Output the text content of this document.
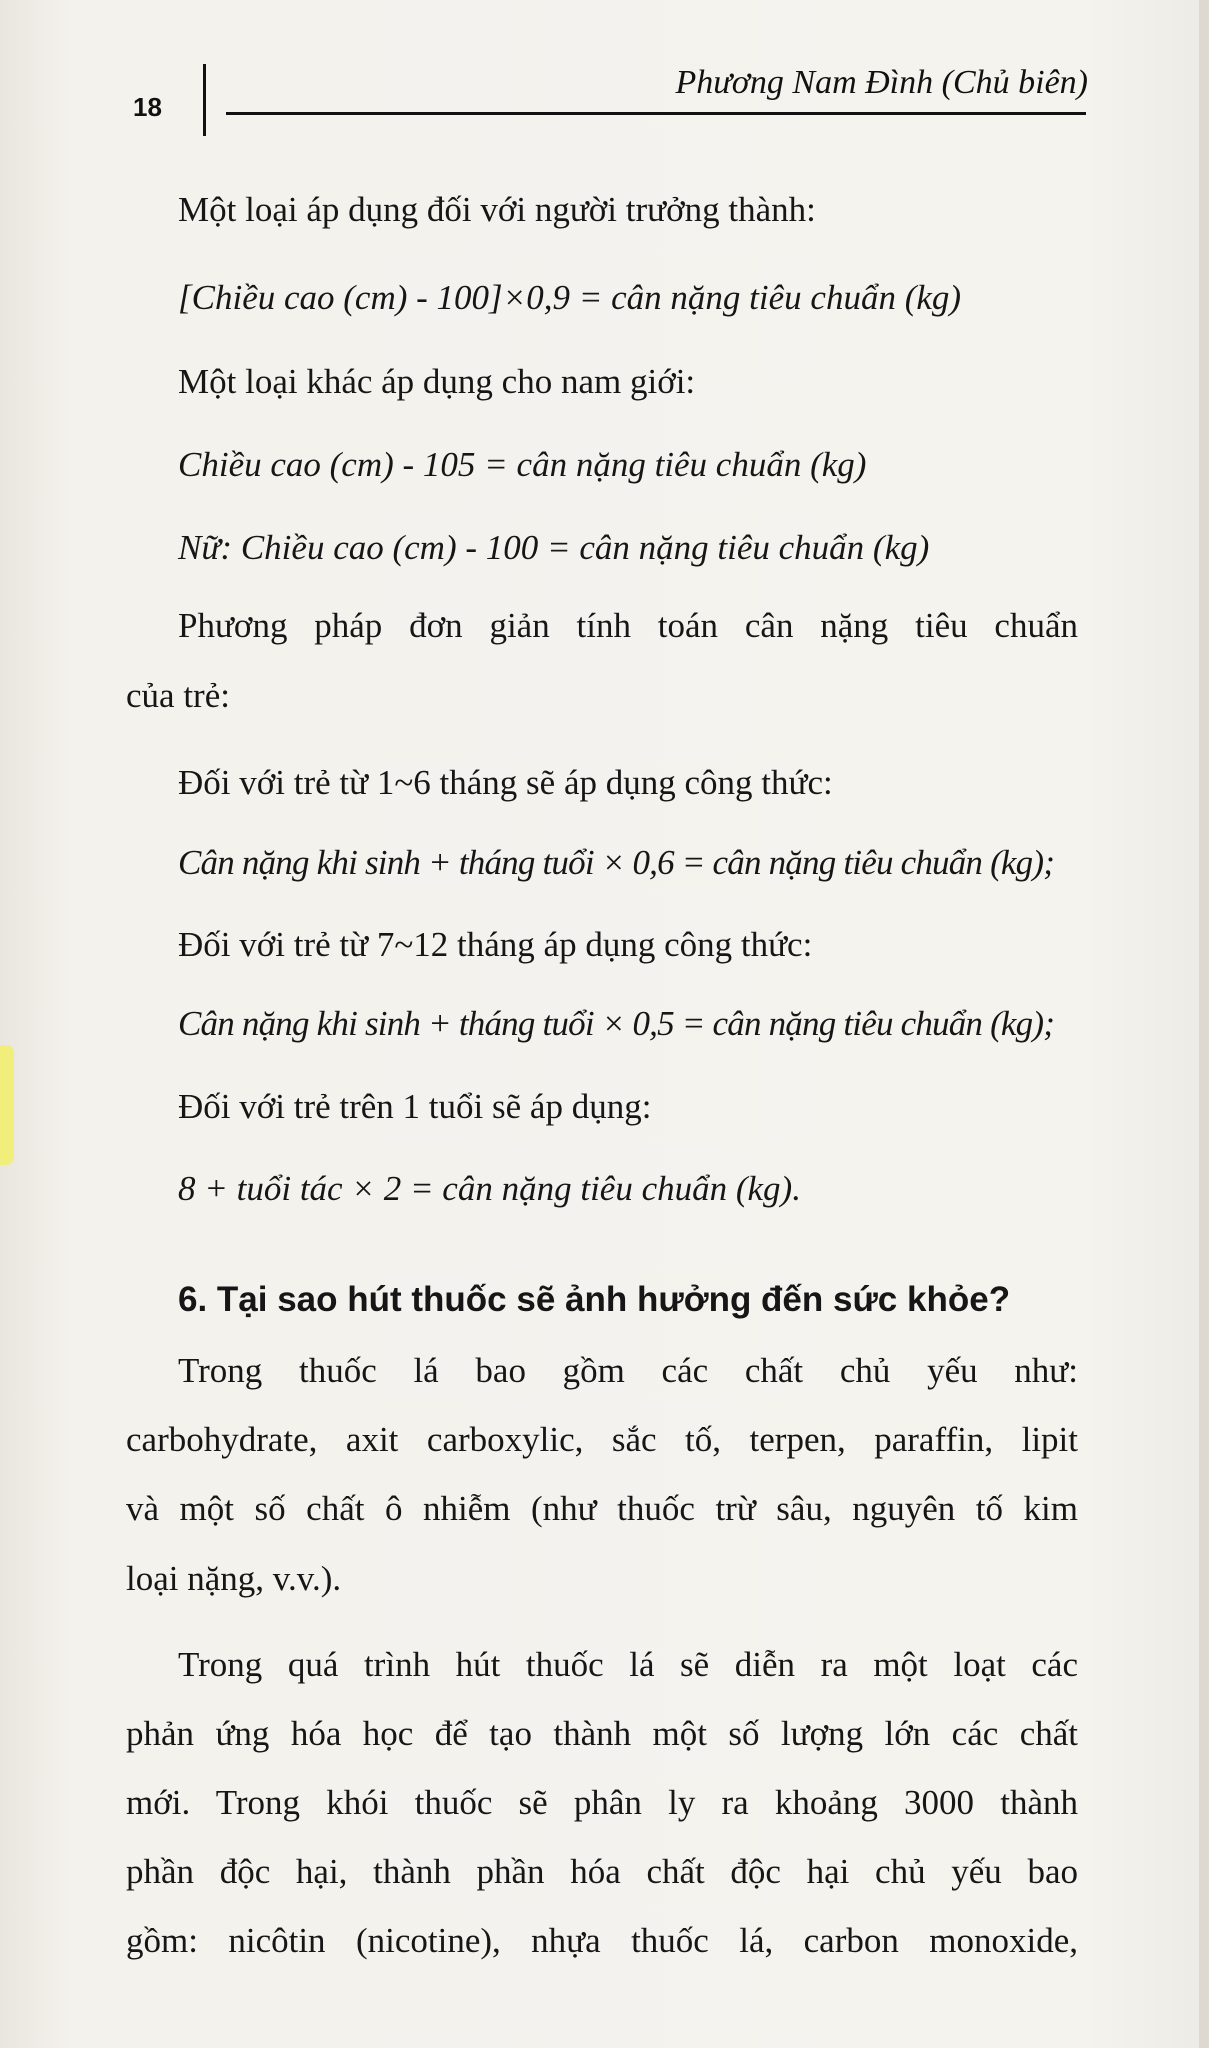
18
Phương Nam Đình (Chủ biên)
Một loại áp dụng đối với người trưởng thành:
[Chiều cao (cm) - 100]×0,9 = cân nặng tiêu chuẩn (kg)
Một loại khác áp dụng cho nam giới:
Chiều cao (cm) - 105 = cân nặng tiêu chuẩn (kg)
Nữ: Chiều cao (cm) - 100 = cân nặng tiêu chuẩn (kg)
Phương pháp đơn giản tính toán cân nặng tiêu chuẩn
của trẻ:
Đối với trẻ từ 1~6 tháng sẽ áp dụng công thức:
Cân nặng khi sinh + tháng tuổi × 0,6 = cân nặng tiêu chuẩn (kg);
Đối với trẻ từ 7~12 tháng áp dụng công thức:
Cân nặng khi sinh + tháng tuổi × 0,5 = cân nặng tiêu chuẩn (kg);
Đối với trẻ trên 1 tuổi sẽ áp dụng:
8 + tuổi tác × 2 = cân nặng tiêu chuẩn (kg).
6. Tại sao hút thuốc sẽ ảnh hưởng đến sức khỏe?
Trong thuốc lá bao gồm các chất chủ yếu như:
carbohydrate, axit carboxylic, sắc tố, terpen, paraffin, lipit
và một số chất ô nhiễm (như thuốc trừ sâu, nguyên tố kim
loại nặng, v.v.).
Trong quá trình hút thuốc lá sẽ diễn ra một loạt các
phản ứng hóa học để tạo thành một số lượng lớn các chất
mới. Trong khói thuốc sẽ phân ly ra khoảng 3000 thành
phần độc hại, thành phần hóa chất độc hại chủ yếu bao
gồm: nicôtin (nicotine), nhựa thuốc lá, carbon monoxide,
